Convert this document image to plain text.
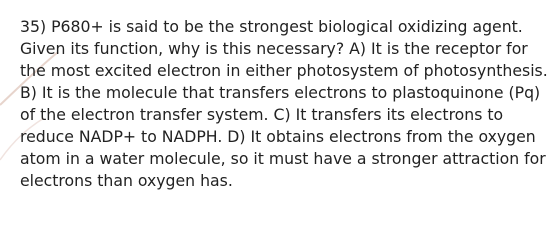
35) P680+ is said to be the strongest biological oxidizing agent. Given its function, why is this necessary? A) It is the receptor for the most excited electron in either photosystem of photosynthesis. B) It is the molecule that transfers electrons to plastoquinone (Pq) of the electron transfer system. C) It transfers its electrons to reduce NADP+ to NADPH. D) It obtains electrons from the oxygen atom in a water molecule, so it must have a stronger attraction for electrons than oxygen has.
